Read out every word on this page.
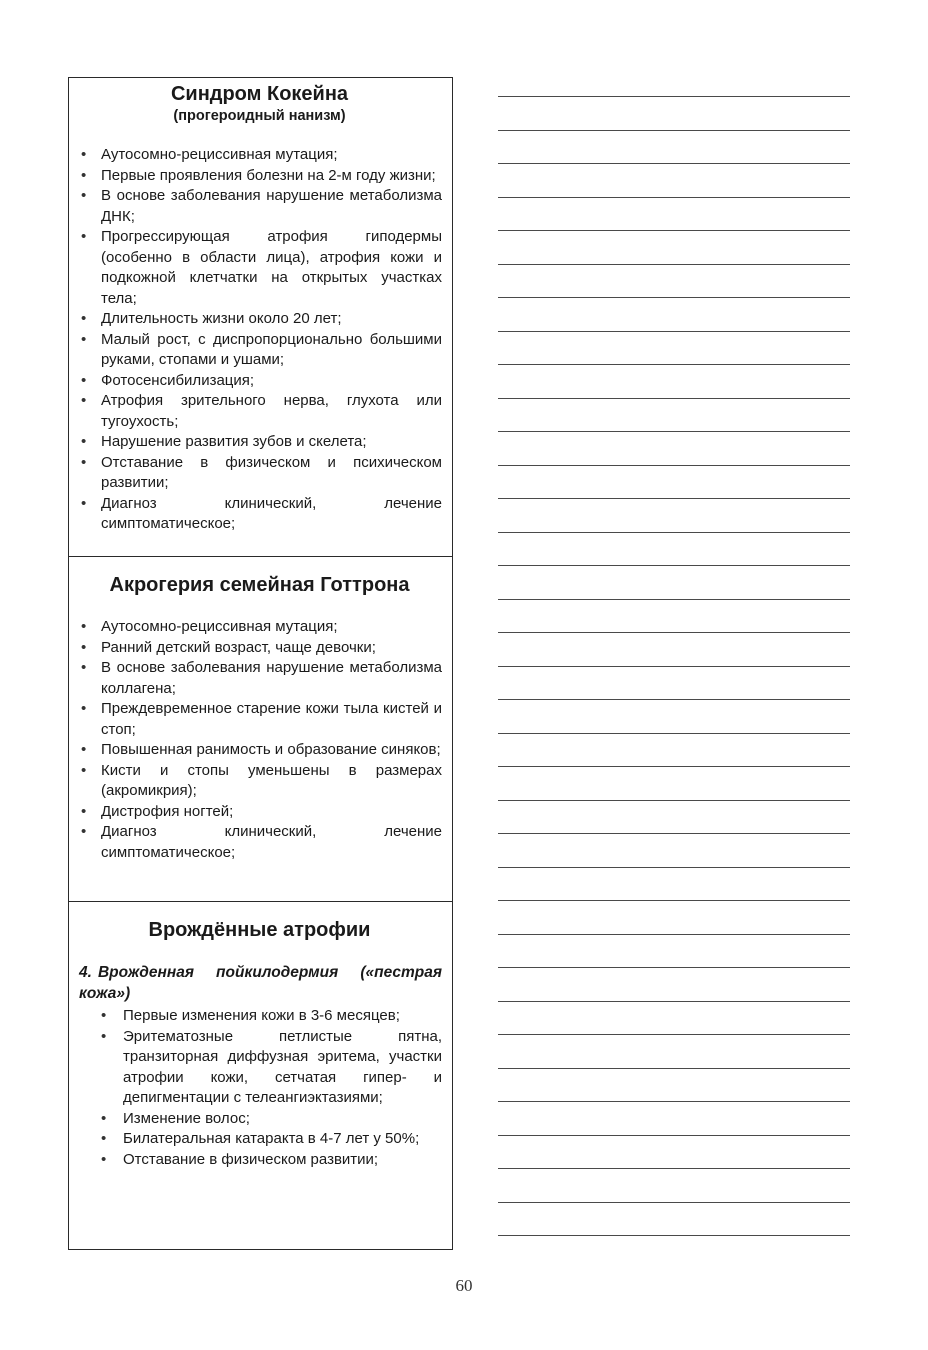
Синдром Кокейна

(прогероидный нанизм)

• Аутосомно-рециссивная мутация;
• Первые проявления болезни на 2-м году жизни;
• В основе заболевания нарушение метаболизма ДНК;
• Прогрессирующая атрофия гиподермы (особенно в области лица), атрофия кожи и подкожной клетчатки на открытых участках тела;
• Длительность жизни около 20 лет;
• Малый рост, с диспропорционально большими руками, стопами и ушами;
• Фотосенсибилизация;
• Атрофия зрительного нерва, глухота или тугоухость;
• Нарушение развития зубов и скелета;
• Отставание в физическом и психическом развитии;
• Диагноз клинический, лечение симптоматическое;
Акрогерия семейная Готтрона
• Аутосомно-рециссивная мутация;
• Ранний детский возраст, чаще девочки;
• В основе заболевания нарушение метаболизма коллагена;
• Преждевременное старение кожи тыла кистей и стоп;
• Повышенная ранимость и образование синяков;
• Кисти и стопы уменьшены в размерах (акромикрия);
• Дистрофия ногтей;
• Диагноз клинический, лечение симптоматическое;
Врождённые атрофии

4. Врожденная пойкилодермия («пестрая кожа»)

• Первые изменения кожи в 3-6 месяцев;
• Эритематозные петлистые пятна, транзиторная диффузная эритема, участки атрофии кожи, сетчатая гипер- и депигментации с телеангиэктазиями;
• Изменение волос;
• Билатеральная катаракта в 4-7 лет у 50%;
• Отставание в физическом развитии;
60
